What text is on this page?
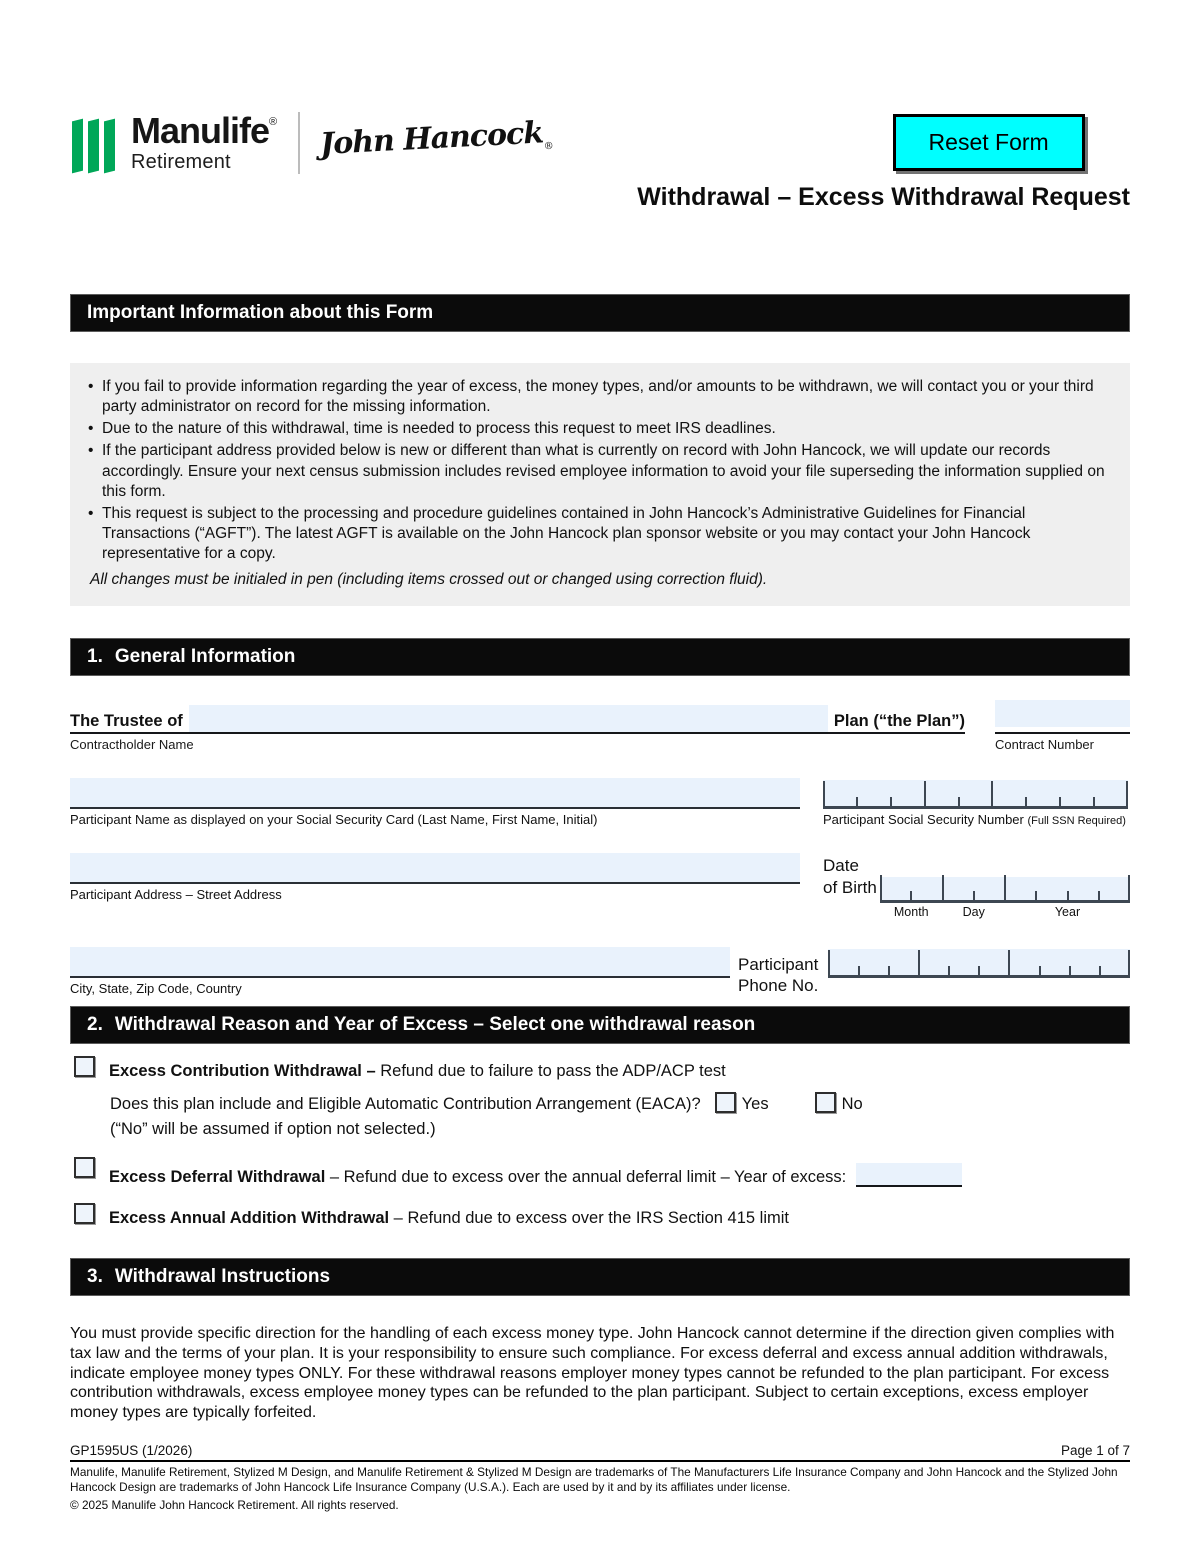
Manulife®
Retirement	John Hancock$_®$	Reset Form
Withdrawal – Excess Withdrawal Request
Important Information about this Form
• If you fail to provide information regarding the year of excess, the money types, and/or amounts to be withdrawn, we will contact you or your third party administrator on record for the missing information.
• Due to the nature of this withdrawal, time is needed to process this request to meet IRS deadlines.
• If the participant address provided below is new or different than what is currently on record with John Hancock, we will update our records accordingly. Ensure your next census submission includes revised employee information to avoid your file superseding the information supplied on this form.
• This request is subject to the processing and procedure guidelines contained in John Hancock’s Administrative Guidelines for Financial Transactions (“AGFT”). The latest AGFT is available on the John Hancock plan sponsor website or you may contact your John Hancock representative for a copy.
All changes must be initialed in pen (including items crossed out or changed using correction fluid).
1. General Information
The Trustee of	Plan (“the Plan”)
Contractholder Name	Contract Number
Participant Name as displayed on your Social Security Card (Last Name, First Name, Initial)	Participant Social Security Number (Full SSN Required)
Participant Address – Street Address
Date
of Birth
Month	Day	Year
City, State, Zip Code, Country
Participant
Phone No.
2. Withdrawal Reason and Year of Excess – Select one withdrawal reason
Excess Contribution Withdrawal – Refund due to failure to pass the ADP/ACP test
Does this plan include and Eligible Automatic Contribution Arrangement (EACA)? Yes	No
(“No” will be assumed if option not selected.)
Excess Deferral Withdrawal – Refund due to excess over the annual deferral limit – Year of excess:
Excess Annual Addition Withdrawal – Refund due to excess over the IRS Section 415 limit
3. Withdrawal Instructions

You must provide specific direction for the handling of each excess money type. John Hancock cannot determine if the direction given complies with tax law and the terms of your plan. It is your responsibility to ensure such compliance. For excess deferral and excess annual addition withdrawals, indicate employee money types ONLY. For these withdrawal reasons employer money types cannot be refunded to the plan participant. For excess contribution withdrawals, excess employee money types can be refunded to the plan participant. Subject to certain exceptions, excess employer money types are typically forfeited.

GP1595US (1/2026)	Page 1 of 7
Manulife, Manulife Retirement, Stylized M Design, and Manulife Retirement & Stylized M Design are trademarks of The Manufacturers Life Insurance Company and John Hancock and the Stylized John Hancock Design are trademarks of John Hancock Life Insurance Company (U.S.A.). Each are used by it and by its affiliates under license.
© 2025 Manulife John Hancock Retirement. All rights reserved.
